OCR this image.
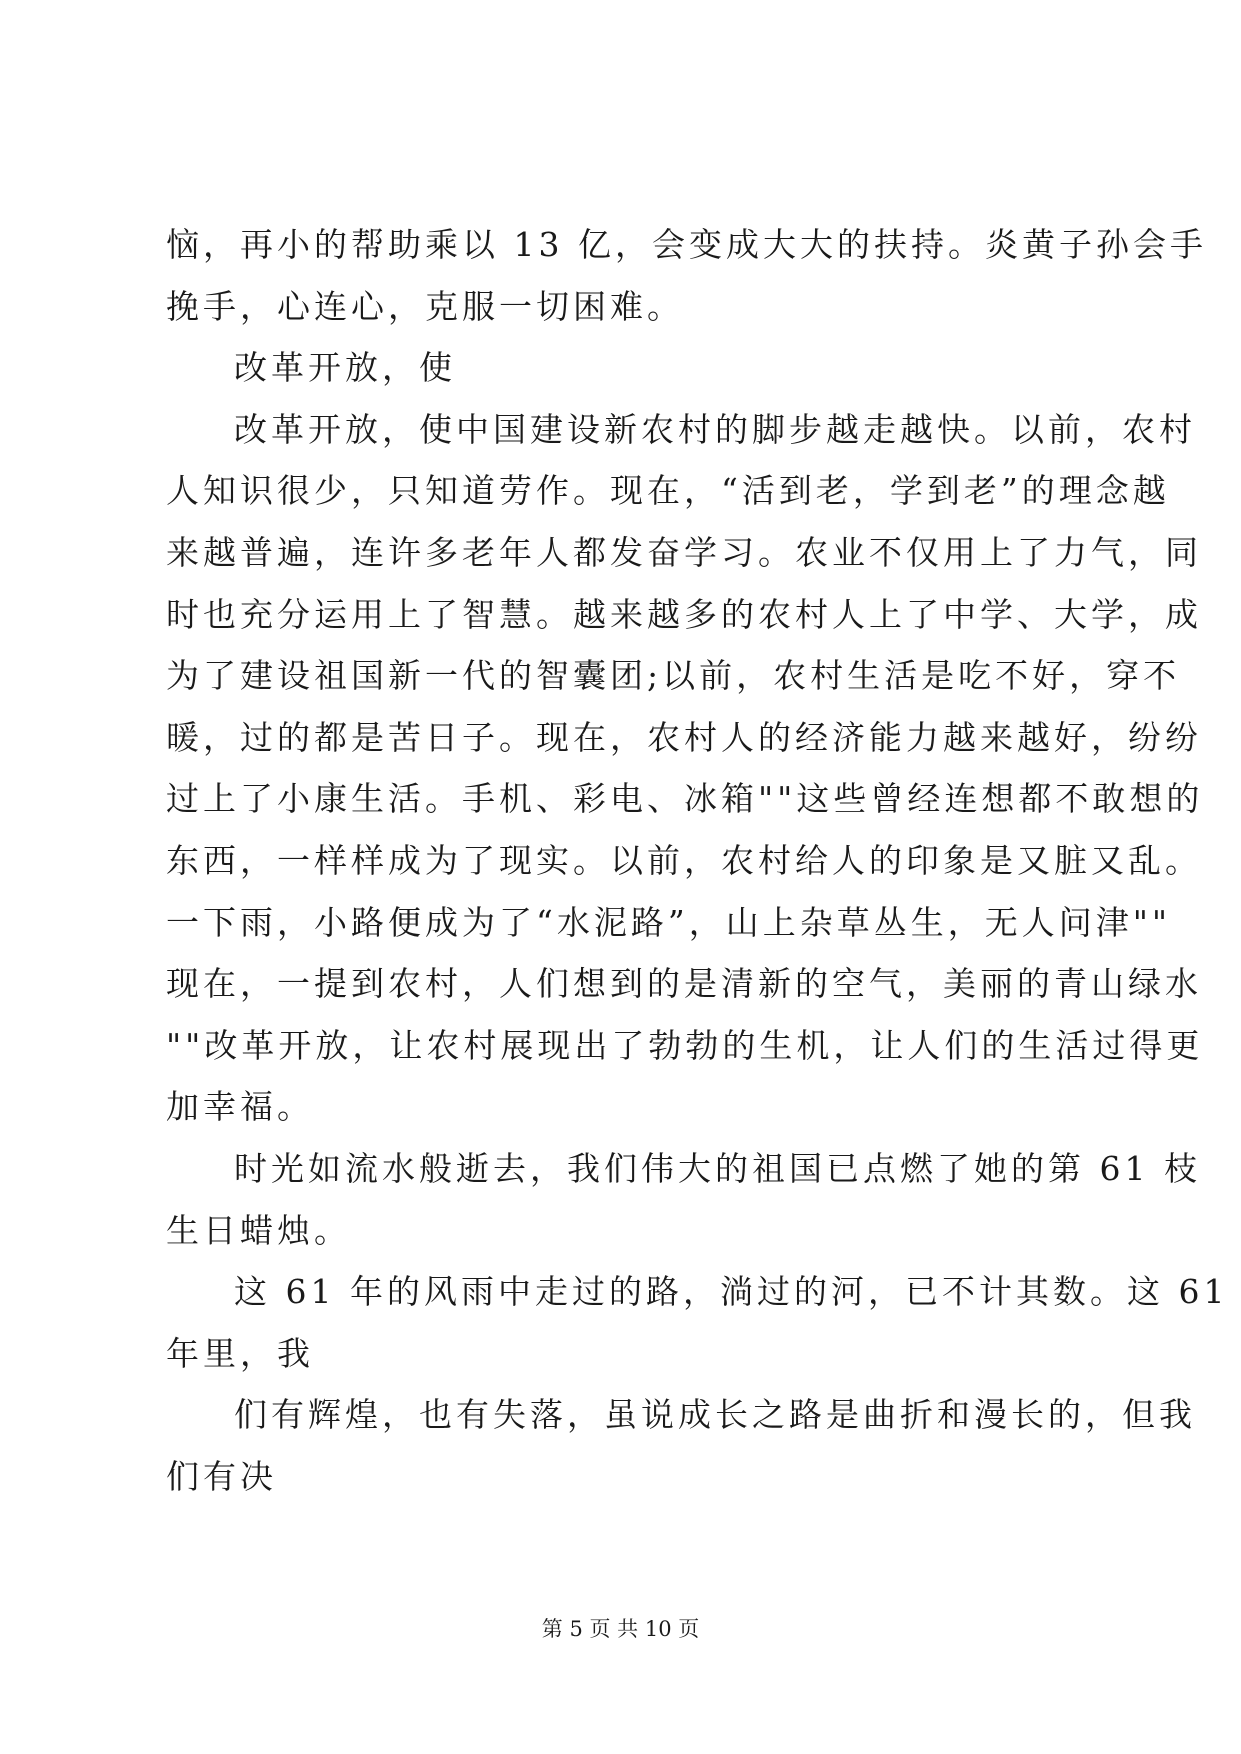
恼，再小的帮助乘以 13 亿，会变成大大的扶持。炎黄子孙会手
挽手，心连心，克服一切困难。
改革开放，使
改革开放，使中国建设新农村的脚步越走越快。以前，农村
人知识很少，只知道劳作。现在，“活到老，学到老”的理念越
来越普遍，连许多老年人都发奋学习。农业不仅用上了力气，同
时也充分运用上了智慧。越来越多的农村人上了中学、大学，成
为了建设祖国新一代的智囊团;以前，农村生活是吃不好，穿不
暖，过的都是苦日子。现在，农村人的经济能力越来越好，纷纷
过上了小康生活。手机、彩电、冰箱""这些曾经连想都不敢想的
东西，一样样成为了现实。以前，农村给人的印象是又脏又乱。
一下雨，小路便成为了“水泥路”，山上杂草丛生，无人问津""
现在，一提到农村，人们想到的是清新的空气，美丽的青山绿水
""改革开放，让农村展现出了勃勃的生机，让人们的生活过得更
加幸福。
时光如流水般逝去，我们伟大的祖国已点燃了她的第 61 枝
生日蜡烛。
这 61 年的风雨中走过的路，淌过的河，已不计其数。这 61
年里，我
们有辉煌，也有失落，虽说成长之路是曲折和漫长的，但我
们有决
第 5 页 共 10 页
